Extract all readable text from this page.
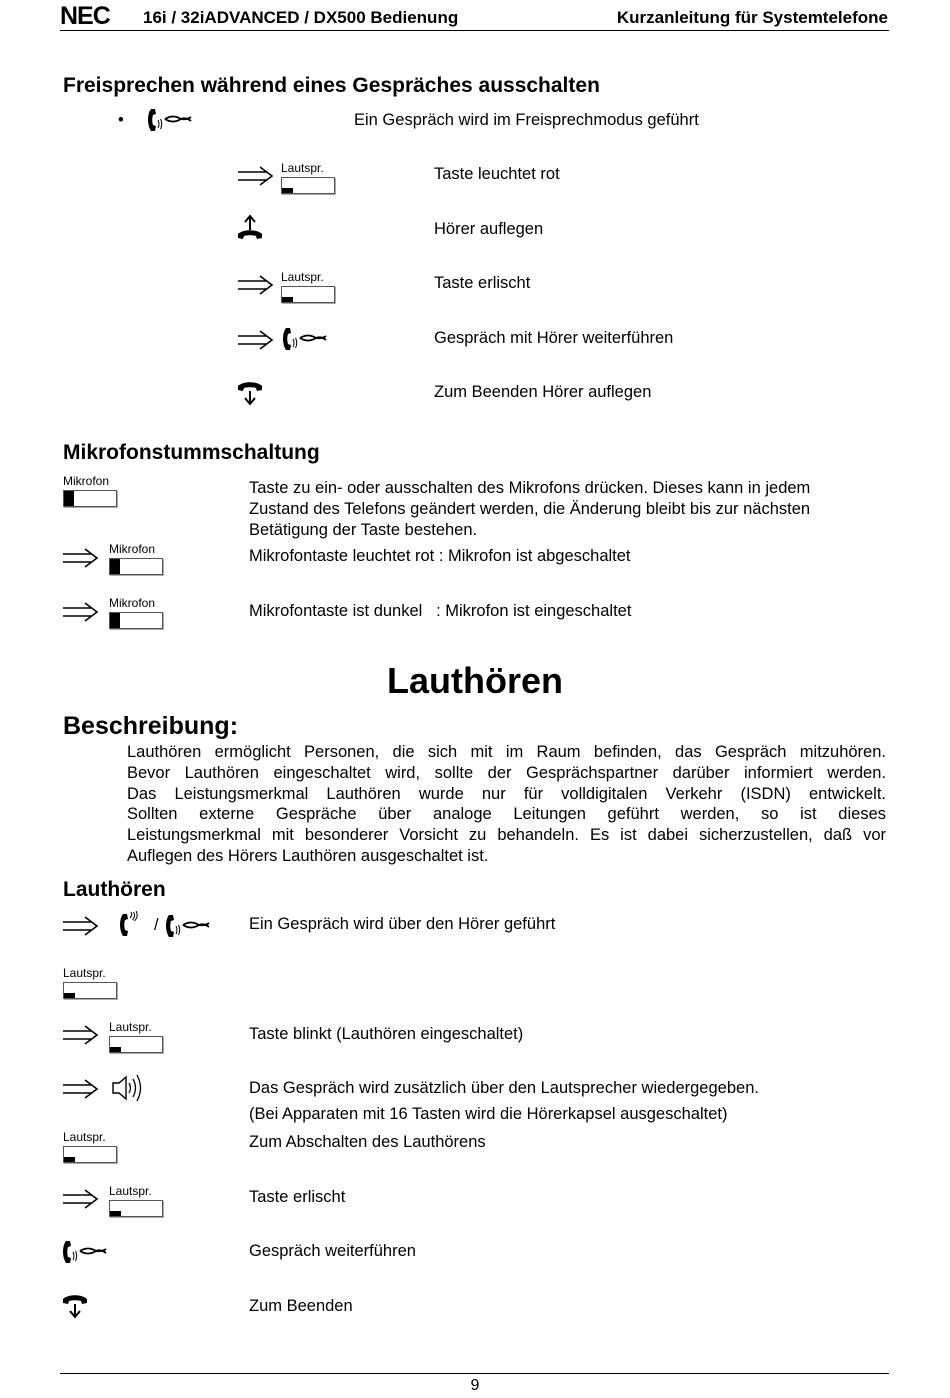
NEC 16i / 32iADVANCED / DX500 Bedienung	Kurzanleitung für Systemtelefone
Freisprechen während eines Gespräches ausschalten
•	Ein Gespräch wird im Freisprechmodus geführt
Lautspr.	Taste leuchtet rot
Hörer auflegen
Lautspr.	Taste erlischt
Gespräch mit Hörer weiterführen
Zum Beenden Hörer auflegen
Mikrofonstummschaltung
Mikrofon	Taste zu ein- oder ausschalten des Mikrofons drücken. Dieses kann in jedem
Zustand des Telefons geändert werden, die Änderung bleibt bis zur nächsten
Betätigung der Taste bestehen.
Mikrofon	Mikrofontaste leuchtet rot : Mikrofon ist abgeschaltet
Mikrofon	Mikrofontaste ist dunkel   : Mikrofon ist eingeschaltet
Lauthören
Beschreibung:
Lauthören ermöglicht Personen, die sich mit im Raum befinden, das Gespräch mitzuhören.
Bevor Lauthören eingeschaltet wird, sollte der Gesprächspartner darüber informiert werden.
Das Leistungsmerkmal Lauthören wurde nur für volldigitalen Verkehr (ISDN) entwickelt.
Sollten externe Gespräche über analoge Leitungen geführt werden, so ist dieses
Leistungsmerkmal mit besonderer Vorsicht zu behandeln. Es ist dabei sicherzustellen, daß vor
Auflegen des Hörers Lauthören ausgeschaltet ist.
Lauthören
/	Ein Gespräch wird über den Hörer geführt
Lautspr.
Lautspr.	Taste blinkt (Lauthören eingeschaltet)
Das Gespräch wird zusätzlich über den Lautsprecher wiedergegeben.
(Bei Apparaten mit 16 Tasten wird die Hörerkapsel ausgeschaltet)
Lautspr.	Zum Abschalten des Lauthörens
Lautspr.	Taste erlischt
Gespräch weiterführen
Zum Beenden
9
